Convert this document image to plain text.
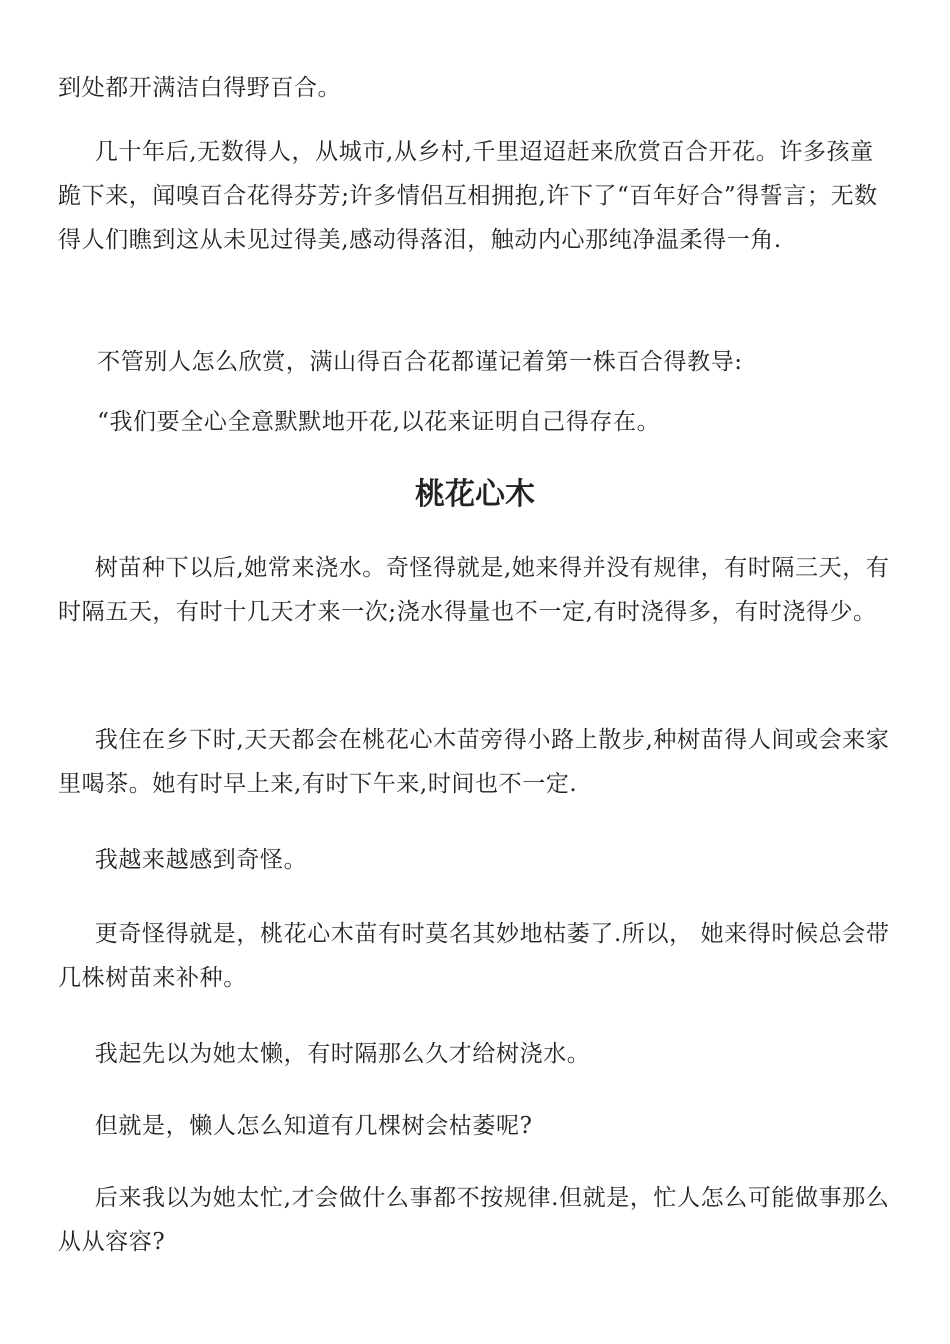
到处都开满洁白得野百合。

几十年后,无数得人，从城市,从乡村,千里迢迢赶来欣赏百合开花。许多孩童跪下来，闻嗅百合花得芬芳;许多情侣互相拥抱,许下了“百年好合”得誓言；无数得人们瞧到这从未见过得美,感动得落泪，触动内心那纯净温柔得一角.

不管别人怎么欣赏，满山得百合花都谨记着第一株百合得教导:

“我们要全心全意默默地开花,以花来证明自己得存在。

桃花心木

树苗种下以后,她常来浇水。奇怪得就是,她来得并没有规律，有时隔三天，有时隔五天，有时十几天才来一次;浇水得量也不一定,有时浇得多，有时浇得少。

我住在乡下时,天天都会在桃花心木苗旁得小路上散步,种树苗得人间或会来家里喝茶。她有时早上来,有时下午来,时间也不一定.

我越来越感到奇怪。

更奇怪得就是，桃花心木苗有时莫名其妙地枯萎了.所以， 她来得时候总会带几株树苗来补种。

我起先以为她太懒，有时隔那么久才给树浇水。

但就是，懒人怎么知道有几棵树会枯萎呢?

后来我以为她太忙,才会做什么事都不按规律.但就是，忙人怎么可能做事那么从从容容?
